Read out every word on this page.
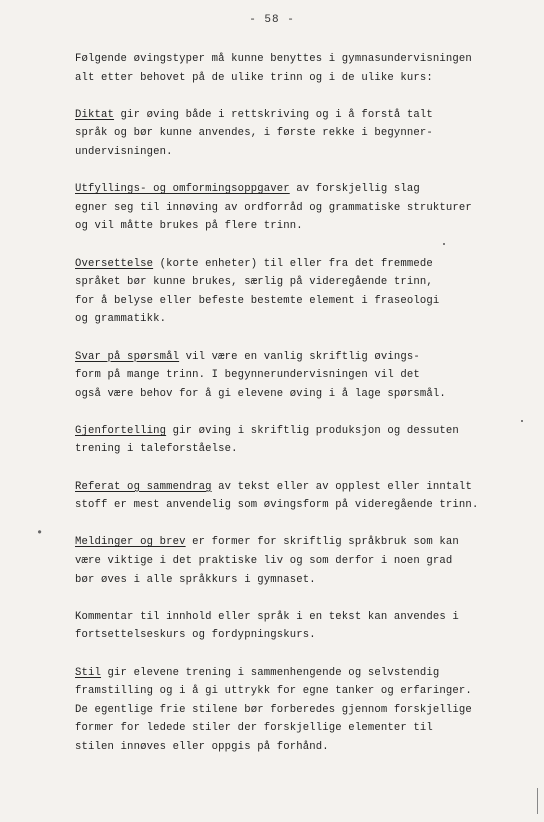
- 58 -
Følgende øvingstyper må kunne benyttes i gymnasundervisningen
alt etter behovet på de ulike trinn og i de ulike kurs:
Diktat gir øving både i rettskriving og i å forstå talt
språk og bør kunne anvendes, i første rekke i begynner-
undervisningen.
Utfyllings- og omformingsoppgaver av forskjellig slag
egner seg til innøving av ordforråd og grammatiske strukturer
og vil måtte brukes på flere trinn.
Oversettelse (korte enheter) til eller fra det fremmede
språket bør kunne brukes, særlig på videregående trinn,
for å belyse eller befeste bestemte element i fraseologi
og grammatikk.
Svar på spørsmål vil være en vanlig skriftlig øvings-
form på mange trinn. I begynnerundervisningen vil det
også være behov for å gi elevene øving i å lage spørsmål.
Gjenfortelling gir øving i skriftlig produksjon og dessuten
trening i taleforståelse.
Referat og sammendrag av tekst eller av opplest eller inntalt
stoff er mest anvendelig som øvingsform på videregående trinn.
Meldinger og brev er former for skriftlig språkbruk som kan
være viktige i det praktiske liv og som derfor i noen grad
bør øves i alle språkkurs i gymnaset.
Kommentar til innhold eller språk i en tekst kan anvendes i
fortsettelseskurs og fordypningskurs.
Stil gir elevene trening i sammenhengende og selvstendig
framstilling og i å gi uttrykk for egne tanker og erfaringer.
De egentlige frie stilene bør forberedes gjennom forskjellige
former for ledede stiler der forskjellige elementer til
stilen innøves eller oppgis på forhånd.
•
